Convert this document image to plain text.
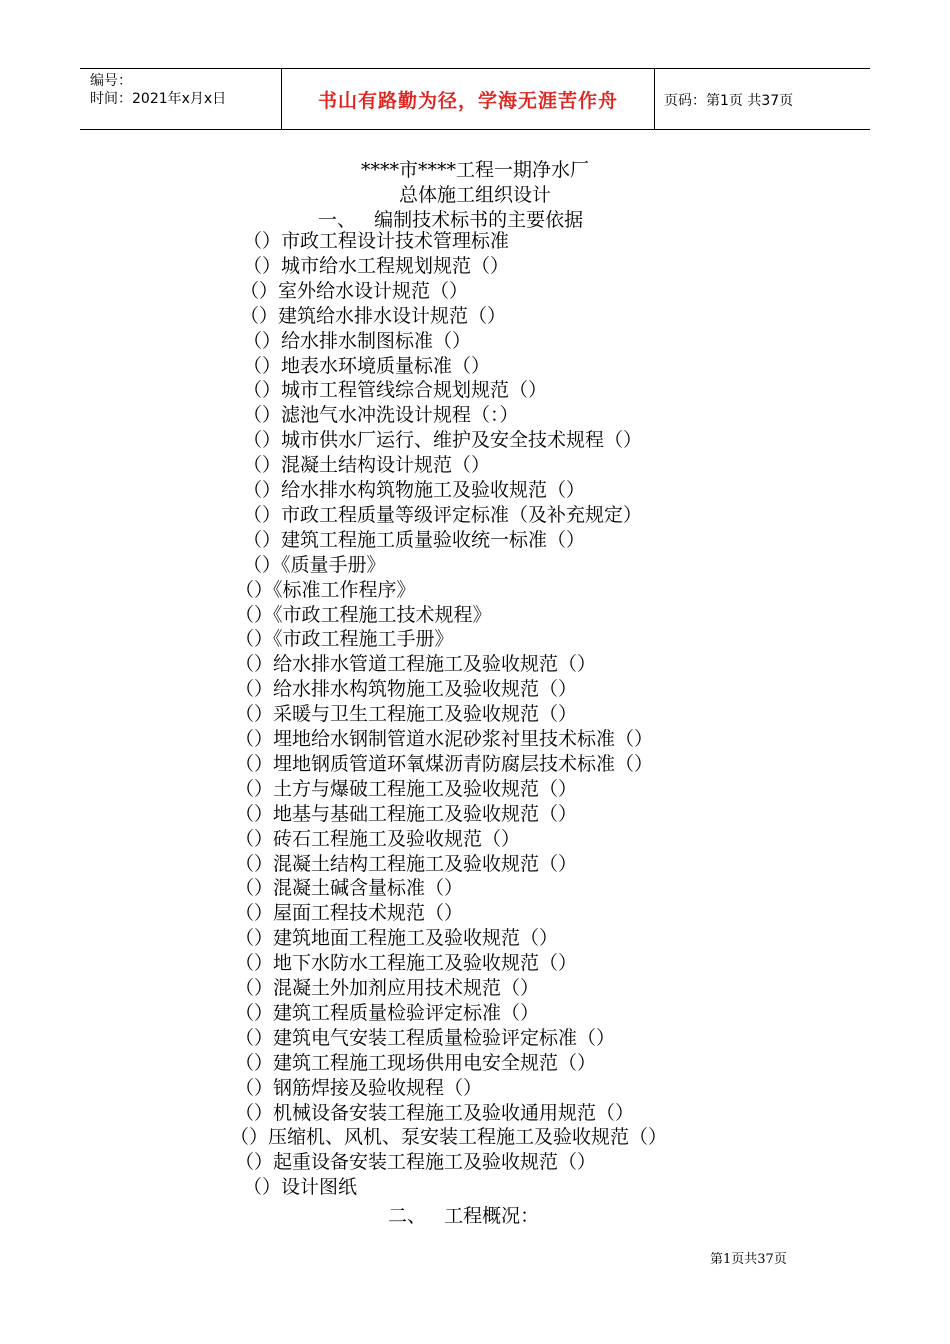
编号：
时间：2021年x月x日	书山有路勤为径，学海无涯苦作舟	页码：第1页 共37页
****市****工程一期净水厂
总体施工组织设计
一、   编制技术标书的主要依据
（）市政工程设计技术管理标准
（）城市给水工程规划规范（）
（）室外给水设计规范（）
（）建筑给水排水设计规范（）
（）给水排水制图标准（）
（）地表水环境质量标准（）
（）城市工程管线综合规划规范（）
（）滤池气水冲洗设计规程（：）
（）城市供水厂运行、维护及安全技术规程（）
（）混凝土结构设计规范（）
（）给水排水构筑物施工及验收规范（）
（）市政工程质量等级评定标准（及补充规定）
（）建筑工程施工质量验收统一标准（）
（）《质量手册》
（）《标准工作程序》
（）《市政工程施工技术规程》
（）《市政工程施工手册》
（）给水排水管道工程施工及验收规范（）
（）给水排水构筑物施工及验收规范（）
（）采暖与卫生工程施工及验收规范（）
（）埋地给水钢制管道水泥砂浆衬里技术标准（）
（）埋地钢质管道环氧煤沥青防腐层技术标准（）
（）土方与爆破工程施工及验收规范（）
（）地基与基础工程施工及验收规范（）
（）砖石工程施工及验收规范（）
（）混凝土结构工程施工及验收规范（）
（）混凝土碱含量标准（）
（）屋面工程技术规范（）
（）建筑地面工程施工及验收规范（）
（）地下水防水工程施工及验收规范（）
（）混凝土外加剂应用技术规范（）
（）建筑工程质量检验评定标准（）
（）建筑电气安装工程质量检验评定标准（）
（）建筑工程施工现场供用电安全规范（）
（）钢筋焊接及验收规程（）
（）机械设备安装工程施工及验收通用规范（）
（）压缩机、风机、泵安装工程施工及验收规范（）
（）起重设备安装工程施工及验收规范（）
（）设计图纸
二、   工程概况：
第1页共37页
